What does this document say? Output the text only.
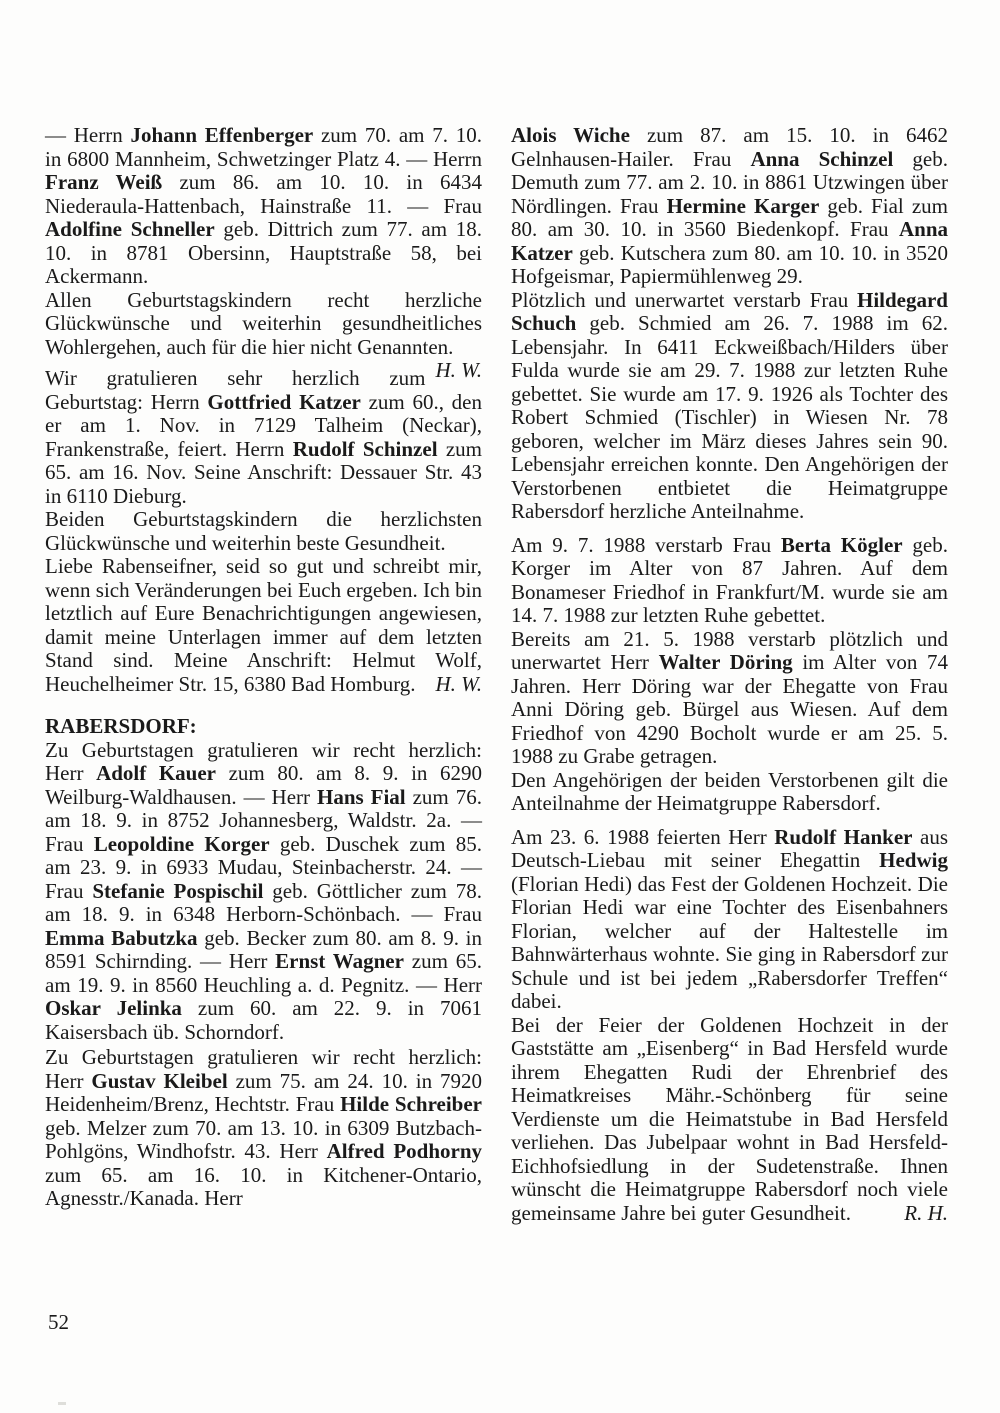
— Herrn Johann Effenberger zum 70. am 7. 10. in 6800 Mannheim, Schwetzinger Platz 4. — Herrn Franz Weiß zum 86. am 10. 10. in 6434 Niederaula-Hattenbach, Hainstraße 11. — Frau Adolfine Schneller geb. Dittrich zum 77. am 18. 10. in 8781 Obersinn, Hauptstraße 58, bei Ackermann.

Allen Geburtstagskindern recht herzliche Glückwünsche und weiterhin gesundheitliches Wohlergehen, auch für die hier nicht Genannten.
H. W.

Wir gratulieren sehr herzlich zum Geburtstag: Herrn Gottfried Katzer zum 60., den er am 1. Nov. in 7129 Talheim (Neckar), Frankenstraße, feiert. Herrn Rudolf Schinzel zum 65. am 16. Nov. Seine Anschrift: Dessauer Str. 43 in 6110 Dieburg.

Beiden Geburtstagskindern die herzlichsten Glückwünsche und weiterhin beste Gesundheit.

Liebe Rabenseifner, seid so gut und schreibt mir, wenn sich Veränderungen bei Euch ergeben. Ich bin letztlich auf Eure Benachrichtigungen angewiesen, damit meine Unterlagen immer auf dem letzten Stand sind. Meine Anschrift: Helmut Wolf, Heuchelheimer Str. 15, 6380 Bad Homburg. H. W.

RABERSDORF:

Zu Geburtstagen gratulieren wir recht herzlich: Herr Adolf Kauer zum 80. am 8. 9. in 6290 Weilburg-Waldhausen. — Herr Hans Fial zum 76. am 18. 9. in 8752 Johannesberg, Waldstr. 2a. — Frau Leopoldine Korger geb. Duschek zum 85. am 23. 9. in 6933 Mudau, Steinbacherstr. 24. — Frau Stefanie Pospischil geb. Göttlicher zum 78. am 18. 9. in 6348 Herborn-Schönbach. — Frau Emma Babutzka geb. Becker zum 80. am 8. 9. in 8591 Schirnding. — Herr Ernst Wagner zum 65. am 19. 9. in 8560 Heuchling a. d. Pegnitz. — Herr Oskar Jelinka zum 60. am 22. 9. in 7061 Kaisersbach üb. Schorndorf.

Zu Geburtstagen gratulieren wir recht herzlich: Herr Gustav Kleibel zum 75. am 24. 10. in 7920 Heidenheim/Brenz, Hechtstr. Frau Hilde Schreiber geb. Melzer zum 70. am 13. 10. in 6309 Butzbach-Pohlgöns, Windhofstr. 43. Herr Alfred Podhorny zum 65. am 16. 10. in Kitchener-Ontario, Agnesstr./Kanada. Herr

Alois Wiche zum 87. am 15. 10. in 6462 Gelnhausen-Hailer. Frau Anna Schinzel geb. Demuth zum 77. am 2. 10. in 8861 Utzwingen über Nördlingen. Frau Hermine Karger geb. Fial zum 80. am 30. 10. in 3560 Biedenkopf. Frau Anna Katzer geb. Kutschera zum 80. am 10. 10. in 3520 Hofgeismar, Papiermühlenweg 29.

Plötzlich und unerwartet verstarb Frau Hildegard Schuch geb. Schmied am 26. 7. 1988 im 62. Lebensjahr. In 6411 Eckweißbach/Hilders über Fulda wurde sie am 29. 7. 1988 zur letzten Ruhe gebettet. Sie wurde am 17. 9. 1926 als Tochter des Robert Schmied (Tischler) in Wiesen Nr. 78 geboren, welcher im März dieses Jahres sein 90. Lebensjahr erreichen konnte. Den Angehörigen der Verstorbenen entbietet die Heimatgruppe Rabersdorf herzliche Anteilnahme.

Am 9. 7. 1988 verstarb Frau Berta Kögler geb. Korger im Alter von 87 Jahren. Auf dem Bonameser Friedhof in Frankfurt/M. wurde sie am 14. 7. 1988 zur letzten Ruhe gebettet.

Bereits am 21. 5. 1988 verstarb plötzlich und unerwartet Herr Walter Döring im Alter von 74 Jahren. Herr Döring war der Ehegatte von Frau Anni Döring geb. Bürgel aus Wiesen. Auf dem Friedhof von 4290 Bocholt wurde er am 25. 5. 1988 zu Grabe getragen.

Den Angehörigen der beiden Verstorbenen gilt die Anteilnahme der Heimatgruppe Rabersdorf.

Am 23. 6. 1988 feierten Herr Rudolf Hanker aus Deutsch-Liebau mit seiner Ehegattin Hedwig (Florian Hedi) das Fest der Goldenen Hochzeit. Die Florian Hedi war eine Tochter des Eisenbahners Florian, welcher auf der Haltestelle im Bahnwärterhaus wohnte. Sie ging in Rabersdorf zur Schule und ist bei jedem „Rabersdorfer Treffen“ dabei.

Bei der Feier der Goldenen Hochzeit in der Gaststätte am „Eisenberg“ in Bad Hersfeld wurde ihrem Ehegatten Rudi der Ehrenbrief des Heimatkreises Mähr.-Schönberg für seine Verdienste um die Heimatstube in Bad Hersfeld verliehen. Das Jubelpaar wohnt in Bad Hersfeld-Eichhofsiedlung in der Sudetenstraße. Ihnen wünscht die Heimatgruppe Rabersdorf noch viele gemeinsame Jahre bei guter Gesundheit.	R. H.

52
